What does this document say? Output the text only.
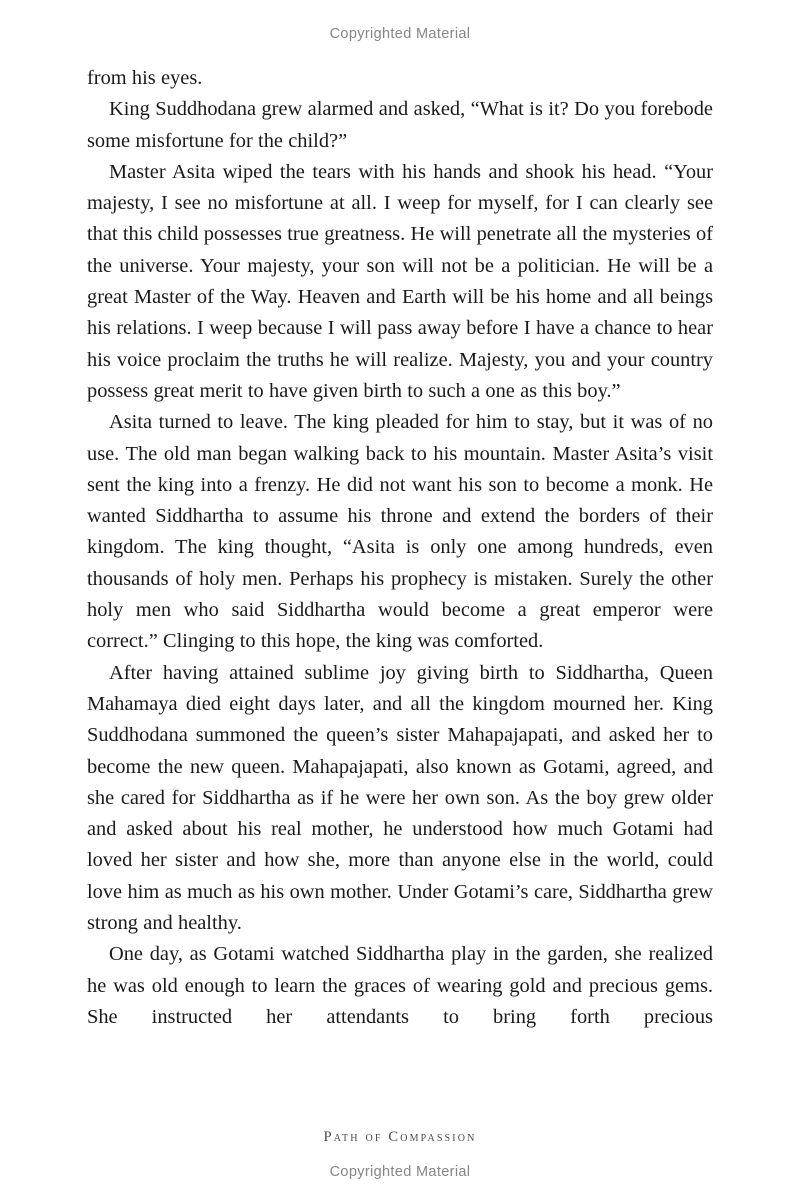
Copyrighted Material

from his eyes.

King Suddhodana grew alarmed and asked, “What is it? Do you forebode some misfortune for the child?”

Master Asita wiped the tears with his hands and shook his head. “Your majesty, I see no misfortune at all. I weep for myself, for I can clearly see that this child possesses true greatness. He will penetrate all the mysteries of the universe. Your majesty, your son will not be a politician. He will be a great Master of the Way. Heaven and Earth will be his home and all beings his relations. I weep because I will pass away before I have a chance to hear his voice proclaim the truths he will realize. Majesty, you and your country possess great merit to have given birth to such a one as this boy.”

Asita turned to leave. The king pleaded for him to stay, but it was of no use. The old man began walking back to his mountain. Master Asita’s visit sent the king into a frenzy. He did not want his son to become a monk. He wanted Siddhartha to assume his throne and extend the borders of their kingdom. The king thought, “Asita is only one among hundreds, even thousands of holy men. Perhaps his prophecy is mistaken. Surely the other holy men who said Siddhartha would become a great emperor were correct.” Clinging to this hope, the king was comforted.

After having attained sublime joy giving birth to Siddhartha, Queen Mahamaya died eight days later, and all the kingdom mourned her. King Suddhodana summoned the queen’s sister Mahapajapati, and asked her to become the new queen. Mahapajapati, also known as Gotami, agreed, and she cared for Siddhartha as if he were her own son. As the boy grew older and asked about his real mother, he understood how much Gotami had loved her sister and how she, more than anyone else in the world, could love him as much as his own mother. Under Gotami’s care, Siddhartha grew strong and healthy.

One day, as Gotami watched Siddhartha play in the garden, she realized he was old enough to learn the graces of wearing gold and precious gems. She instructed her attendants to bring forth precious

Path of Compassion
Copyrighted Material
